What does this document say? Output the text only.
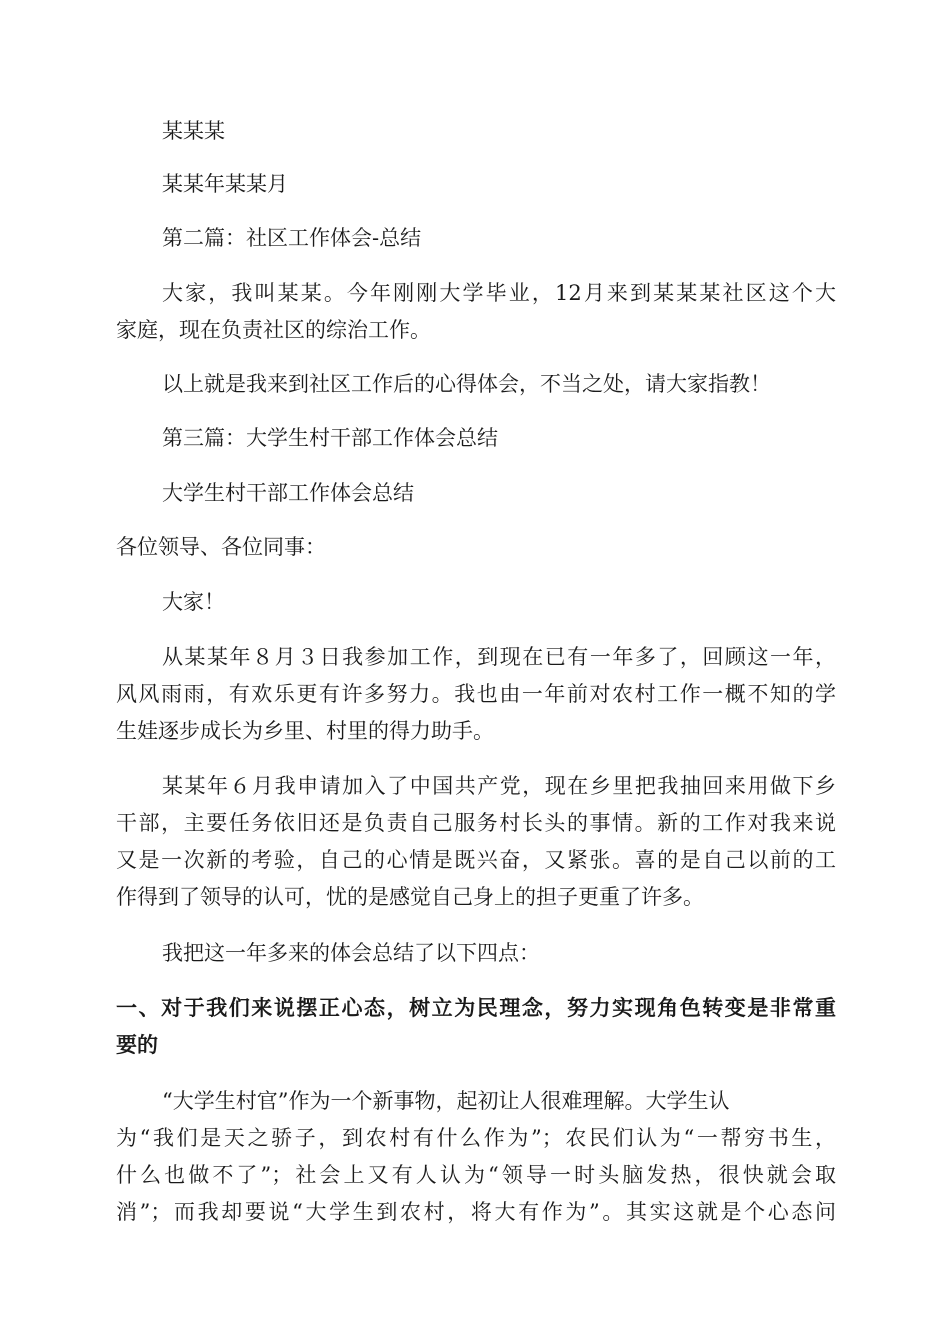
某某某

某某年某某月

第二篇：社区工作体会-总结

大家，我叫某某。今年刚刚大学毕业，12月来到某某某社区这个大

家庭，现在负责社区的综治工作。

以上就是我来到社区工作后的心得体会，不当之处，请大家指教！

第三篇：大学生村干部工作体会总结

大学生村干部工作体会总结

各位领导、各位同事：

大家！

从某某年８月３日我参加工作，到现在已有一年多了，回顾这一年，

风风雨雨，有欢乐更有许多努力。我也由一年前对农村工作一概不知的学

生娃逐步成长为乡里、村里的得力助手。

某某年６月我申请加入了中国共产党，现在乡里把我抽回来用做下乡

干部，主要任务依旧还是负责自己服务村长头的事情。新的工作对我来说

又是一次新的考验，自己的心情是既兴奋，又紧张。喜的是自己以前的工

作得到了领导的认可，忧的是感觉自己身上的担子更重了许多。

我把这一年多来的体会总结了以下四点：

一、对于我们来说摆正心态，树立为民理念，努力实现角色转变是非常重

要的

“大学生村官”作为一个新事物，起初让人很难理解。大学生认

为“我们是天之骄子，到农村有什么作为”；农民们认为“一帮穷书生，

什么也做不了”；社会上又有人认为“领导一时头脑发热，很快就会取

消”；而我却要说“大学生到农村，将大有作为”。其实这就是个心态问
